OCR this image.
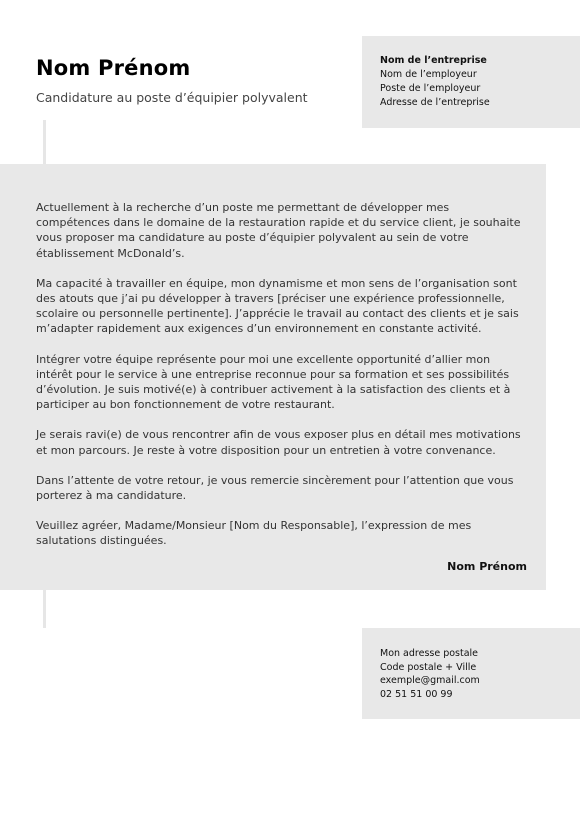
Nom Prénom

Candidature au poste d’équipier polyvalent

Nom de l’entreprise
Nom de l’employeur
Poste de l’employeur
Adresse de l’entreprise

Actuellement à la recherche d’un poste me permettant de développer mes compétences dans le domaine de la restauration rapide et du service client, je souhaite vous proposer ma candidature au poste d’équipier polyvalent au sein de votre établissement McDonald’s.

Ma capacité à travailler en équipe, mon dynamisme et mon sens de l’organisation sont des atouts que j’ai pu développer à travers [préciser une expérience professionnelle, scolaire ou personnelle pertinente]. J’apprécie le travail au contact des clients et je sais m’adapter rapidement aux exigences d’un environnement en constante activité.

Intégrer votre équipe représente pour moi une excellente opportunité d’allier mon intérêt pour le service à une entreprise reconnue pour sa formation et ses possibilités d’évolution. Je suis motivé(e) à contribuer activement à la satisfaction des clients et à participer au bon fonctionnement de votre restaurant.

Je serais ravi(e) de vous rencontrer afin de vous exposer plus en détail mes motivations et mon parcours. Je reste à votre disposition pour un entretien à votre convenance.

Dans l’attente de votre retour, je vous remercie sincèrement pour l’attention que vous porterez à ma candidature.

Veuillez agréer, Madame/Monsieur [Nom du Responsable], l’expression de mes salutations distinguées.

Nom Prénom
Mon adresse postale
Code postale + Ville
exemple@gmail.com
02 51 51 00 99
